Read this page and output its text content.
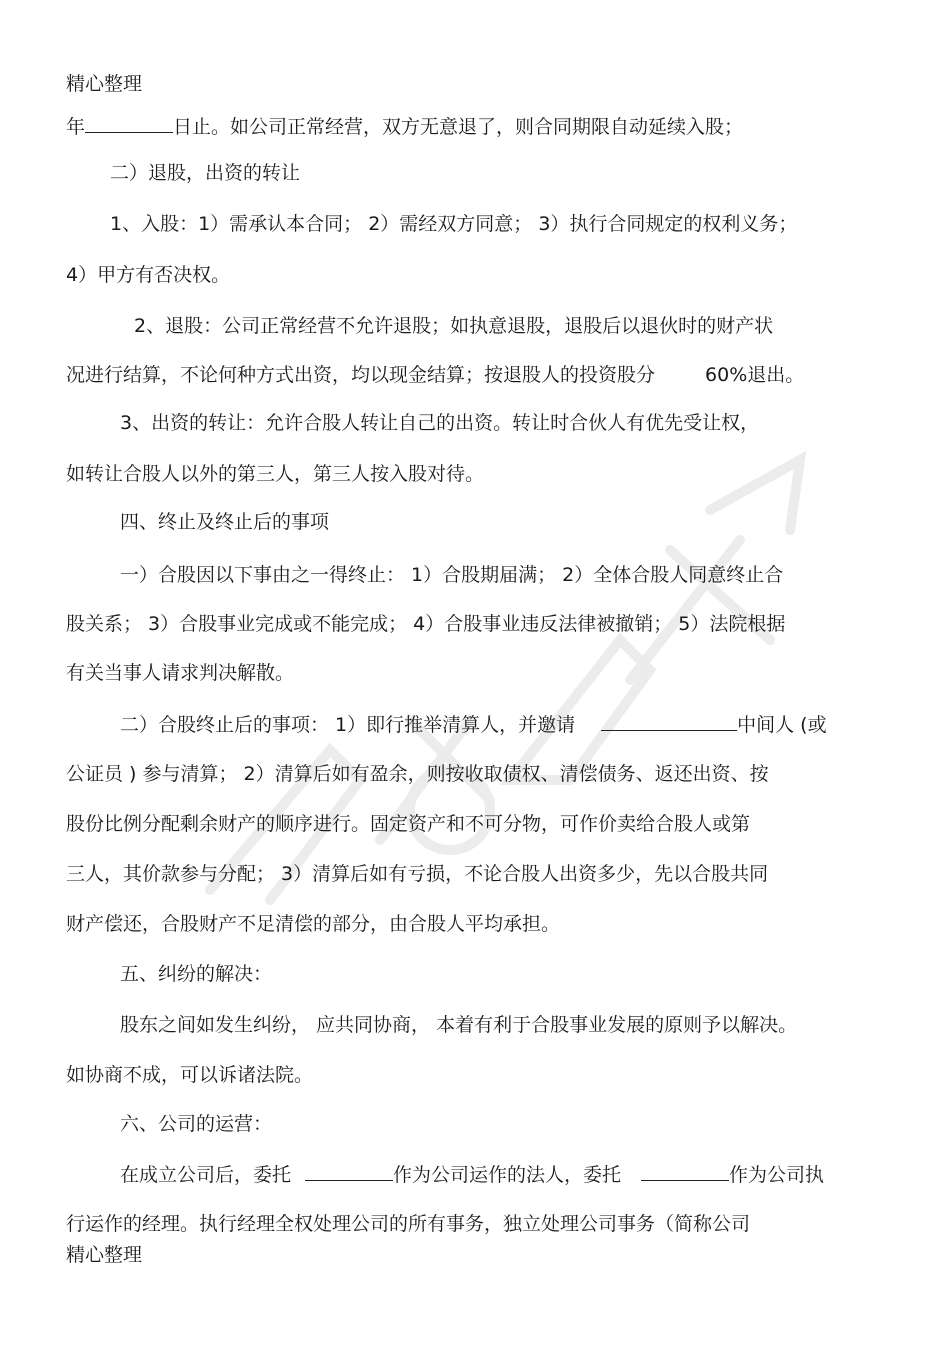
精心整理
年	日止。如公司正常经营，双方无意退了，则合同期限自动延续入股；
二）退股，出资的转让
1、入股：1）需承认本合同； 2）需经双方同意； 3）执行合同规定的权利义务；
4）甲方有否决权。
2、退股：公司正常经营不允许退股；如执意退股，退股后以退伙时的财产状
况进行结算，不论何种方式出资，均以现金结算；按退股人的投资股分	60%退出。
3、出资的转让：允许合股人转让自己的出资。转让时合伙人有优先受让权，
如转让合股人以外的第三人，第三人按入股对待。
四、终止及终止后的事项
一）合股因以下事由之一得终止： 1）合股期届满； 2）全体合股人同意终止合
股关系； 3）合股事业完成或不能完成； 4）合股事业违反法律被撤销； 5）法院根据
有关当事人请求判决解散。
二）合股终止后的事项： 1）即行推举清算人，并邀请	中间人 (或
公证员 ) 参与清算； 2）清算后如有盈余，则按收取债权、清偿债务、返还出资、按
股份比例分配剩余财产的顺序进行。固定资产和不可分物，可作价卖给合股人或第
三人，其价款参与分配； 3）清算后如有亏损，不论合股人出资多少，先以合股共同
财产偿还，合股财产不足清偿的部分，由合股人平均承担。
五、纠纷的解决：
股东之间如发生纠纷， 应共同协商， 本着有利于合股事业发展的原则予以解决。
如协商不成，可以诉诸法院。
六、公司的运营：
在成立公司后，委托	作为公司运作的法人，委托	作为公司执
行运作的经理。执行经理全权处理公司的所有事务，独立处理公司事务（简称公司
精心整理
